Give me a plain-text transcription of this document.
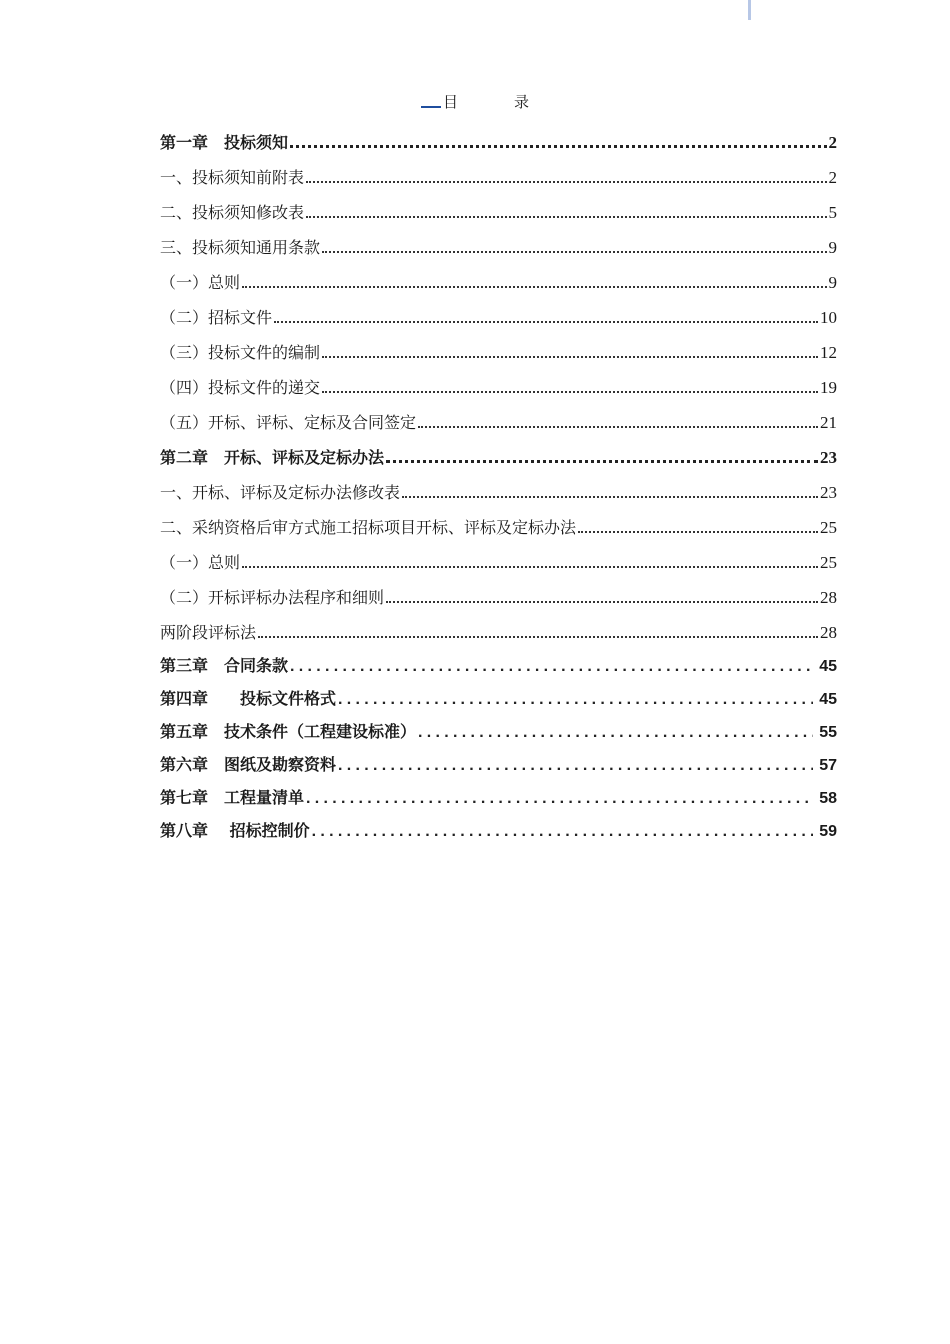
目	录
第一章　投标须知	2
一、投标须知前附表	2
二、投标须知修改表	5
三、投标须知通用条款	9
（一）总则	9
（二）招标文件	10
（三）投标文件的编制	12
（四）投标文件的递交	19
（五）开标、评标、定标及合同签定	21
第二章　开标、评标及定标办法	23
一、开标、评标及定标办法修改表	23
二、采纳资格后审方式施工招标项目开标、评标及定标办法	25
（一）总则	25
（二）开标评标办法程序和细则	28
两阶段评标法	28
第三章　合同条款 .....	45
第四章　　投标文件格式 .....	45
第五章　技术条件（工程建设标准） .....	55
第六章　图纸及勘察资料 .....	57
第七章　工程量清单 .....	58
第八章　 招标控制价 .....	59
